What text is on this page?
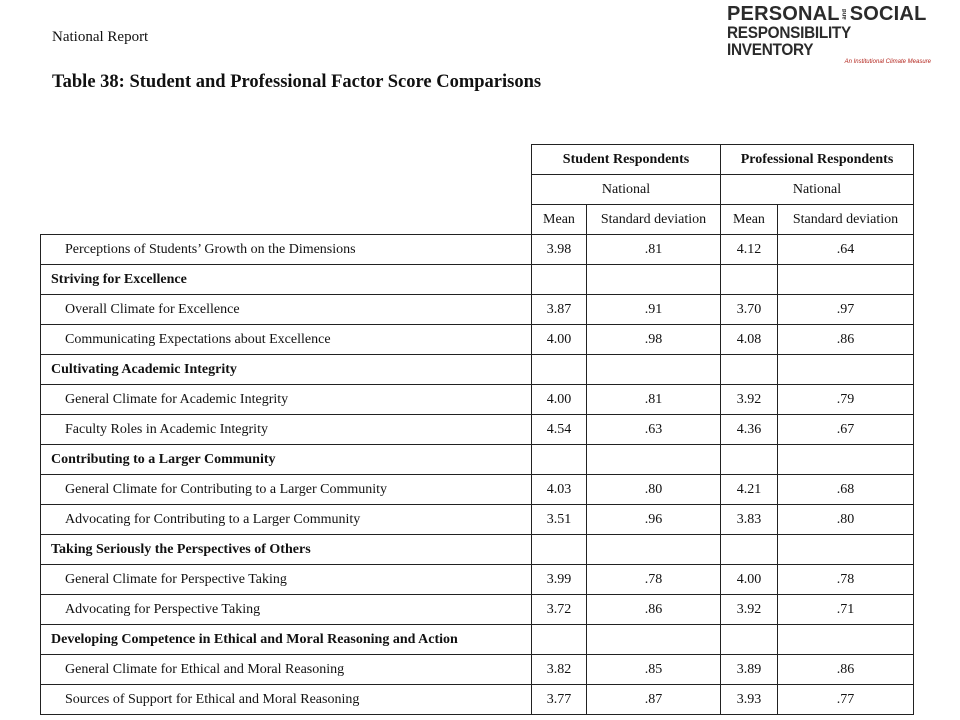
National Report
PERSONAL and SOCIAL
RESPONSIBILITY INVENTORY
An Institutional Climate Measure
Table 38: Student and Professional Factor Score Comparisons
	Student Respondents		Professional Respondents	
	National		National	
	Mean	Standard deviation	Mean	Standard deviation
Perceptions of Students’ Growth on the Dimensions	3.98	.81	4.12	.64
Striving for Excellence				
Overall Climate for Excellence	3.87	.91	3.70	.97
Communicating Expectations about Excellence	4.00	.98	4.08	.86
Cultivating Academic Integrity				
General Climate for Academic Integrity	4.00	.81	3.92	.79
Faculty Roles in Academic Integrity	4.54	.63	4.36	.67
Contributing to a Larger Community				
General Climate for Contributing to a Larger Community	4.03	.80	4.21	.68
Advocating for Contributing to a Larger Community	3.51	.96	3.83	.80
Taking Seriously the Perspectives of Others				
General Climate for Perspective Taking	3.99	.78	4.00	.78
Advocating for Perspective Taking	3.72	.86	3.92	.71
Developing Competence in Ethical and Moral Reasoning and Action				
General Climate for Ethical and Moral Reasoning	3.82	.85	3.89	.86
Sources of Support for Ethical and Moral Reasoning	3.77	.87	3.93	.77
